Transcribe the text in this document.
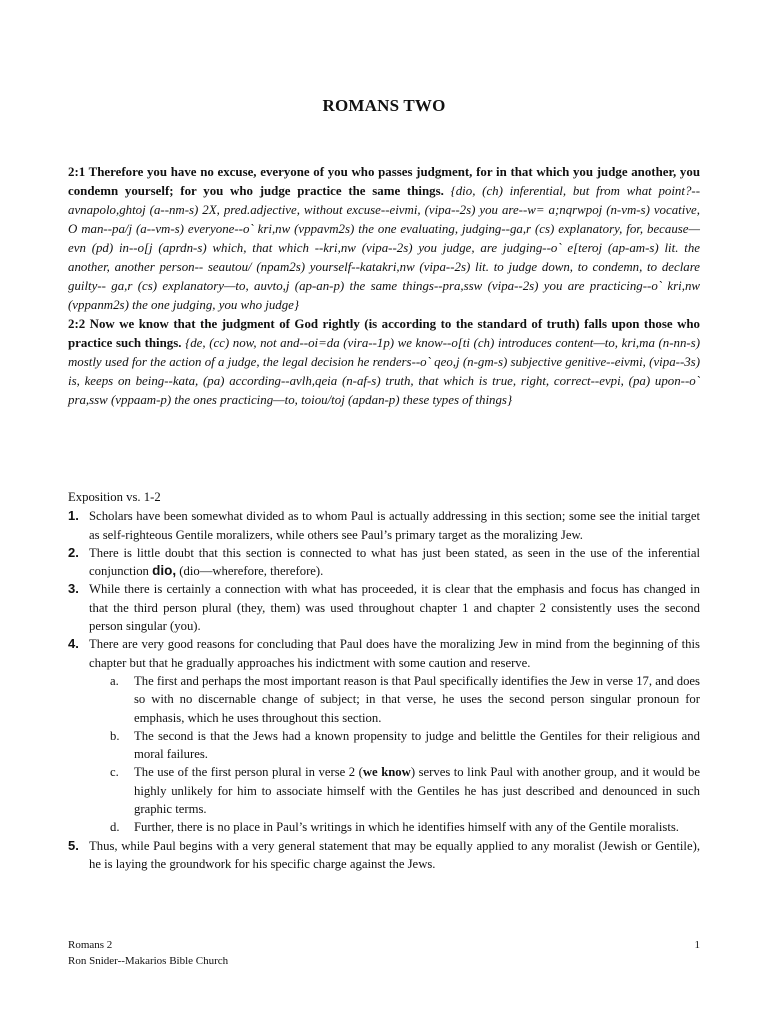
ROMANS TWO

2:1 Therefore you have no excuse, everyone of you who passes judgment, for in that which you judge another, you condemn yourself; for you who judge practice the same things. {dio, (ch) inferential, but from what point?--avnapolo,ghtoj (a--nm-s) 2X, pred.adjective, without excuse--eivmi, (vipa--2s) you are--w= a;nqrwpoj (n-vm-s) vocative, O man--pa/j (a--vm-s) everyone--o` kri,nw (vppavm2s) the one evaluating, judging--ga,r (cs) explanatory, for, because—evn (pd) in--o[j (aprdn-s) which, that which --kri,nw (vipa--2s) you judge, are judging--o` e[teroj (ap-am-s) lit. the another, another person-- seautou/ (npam2s) yourself--katakri,nw (vipa--2s) lit. to judge down, to condemn, to declare guilty-- ga,r (cs) explanatory—to, auvto,j (ap-an-p) the same things--pra,ssw (vipa--2s) you are practicing--o` kri,nw (vppanm2s) the one judging, you who judge}

2:2 Now we know that the judgment of God rightly (is according to the standard of truth) falls upon those who practice such things. {de, (cc) now, not and--oi=da (vira--1p) we know--o[ti (ch) introduces content—to, kri,ma (n-nn-s) mostly used for the action of a judge, the legal decision he renders--o` qeo,j (n-gm-s) subjective genitive--eivmi, (vipa--3s) is, keeps on being--kata, (pa) according--avlh,qeia (n-af-s) truth, that which is true, right, correct--evpi, (pa) upon--o` pra,ssw (vppaam-p) the ones practicing—to, toiou/toj (apdan-p) these types of things}

Exposition vs. 1-2
1. Scholars have been somewhat divided as to whom Paul is actually addressing in this section; some see the initial target as self-righteous Gentile moralizers, while others see Paul’s primary target as the moralizing Jew.
2. There is little doubt that this section is connected to what has just been stated, as seen in the use of the inferential conjunction dio, (dio—wherefore, therefore).
3. While there is certainly a connection with what has proceeded, it is clear that the emphasis and focus has changed in that the third person plural (they, them) was used throughout chapter 1 and chapter 2 consistently uses the second person singular (you).
4. There are very good reasons for concluding that Paul does have the moralizing Jew in mind from the beginning of this chapter but that he gradually approaches his indictment with some caution and reserve.
a. The first and perhaps the most important reason is that Paul specifically identifies the Jew in verse 17, and does so with no discernable change of subject; in that verse, he uses the second person singular pronoun for emphasis, which he uses throughout this section.
b. The second is that the Jews had a known propensity to judge and belittle the Gentiles for their religious and moral failures.
c. The use of the first person plural in verse 2 (we know) serves to link Paul with another group, and it would be highly unlikely for him to associate himself with the Gentiles he has just described and denounced in such graphic terms.
d. Further, there is no place in Paul’s writings in which he identifies himself with any of the Gentile moralists.
5. Thus, while Paul begins with a very general statement that may be equally applied to any moralist (Jewish or Gentile), he is laying the groundwork for his specific charge against the Jews.
Romans 2
Ron Snider--Makarios Bible Church
1
